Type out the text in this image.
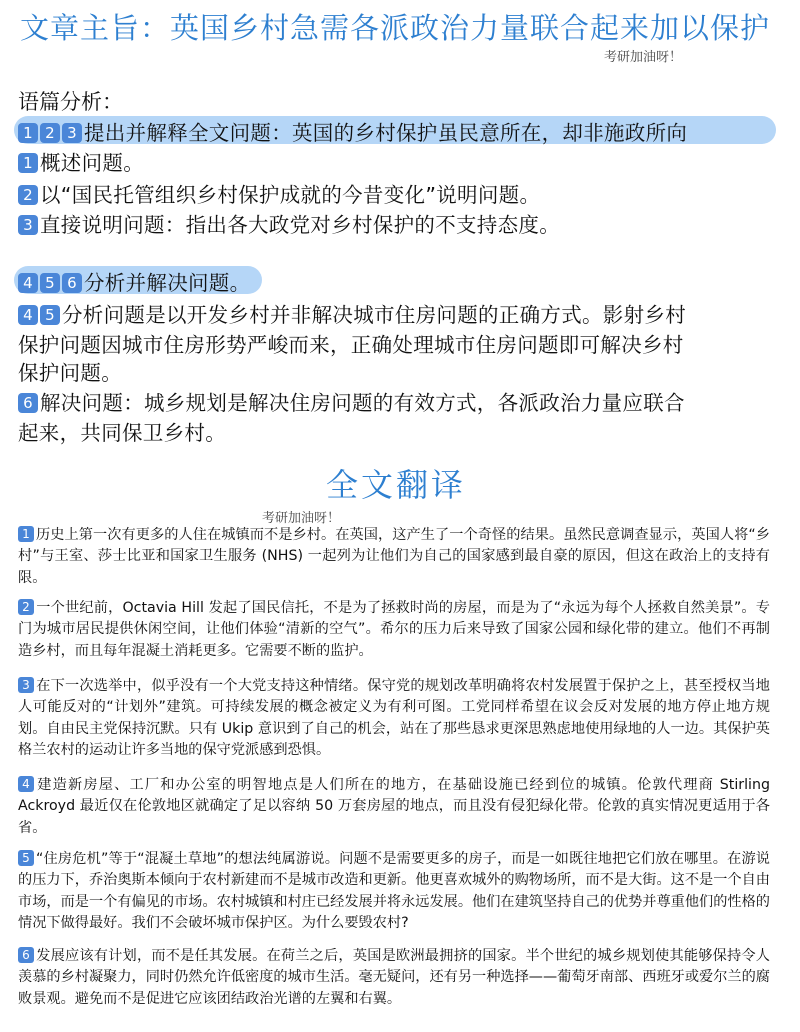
文章主旨：英国乡村急需各派政治力量联合起来加以保护
考研加油呀！
语篇分析：
1 2 3 提出并解释全文问题：英国的乡村保护虽民意所在，却非施政所向
1 概述问题。
2 以“国民托管组织乡村保护成就的今昔变化”说明问题。
3 直接说明问题：指出各大政党对乡村保护的不支持态度。
4 5 6 分析并解决问题。
4 5 分析问题是以开发乡村并非解决城市住房问题的正确方式。影射乡村
保护问题因城市住房形势严峻而来，正确处理城市住房问题即可解决乡村
保护问题。
6 解决问题：城乡规划是解决住房问题的有效方式，各派政治力量应联合
起来，共同保卫乡村。
全文翻译
考研加油呀！
1 历史上第一次有更多的人住在城镇而不是乡村。在英国，这产生了一个奇怪的结果。虽然民意调查显示，英国人将“乡村”与王室、莎士比亚和国家卫生服务 (NHS) 一起列为让他们为自己的国家感到最自豪的原因，但这在政治上的支持有限。
2 一个世纪前，Octavia Hill 发起了国民信托，不是为了拯救时尚的房屋，而是为了“永远为每个人拯救自然美景”。专门为城市居民提供休闲空间，让他们体验“清新的空气”。希尔的压力后来导致了国家公园和绿化带的建立。他们不再制造乡村，而且每年混凝土消耗更多。它需要不断的监护。
3 在下一次选举中，似乎没有一个大党支持这种情绪。保守党的规划改革明确将农村发展置于保护之上，甚至授权当地人可能反对的“计划外”建筑。可持续发展的概念被定义为有利可图。工党同样希望在议会反对发展的地方停止地方规划。自由民主党保持沉默。只有 Ukip 意识到了自己的机会，站在了那些恳求更深思熟虑地使用绿地的人一边。其保护英格兰农村的运动让许多当地的保守党派感到恐惧。
4 建造新房屋、工厂和办公室的明智地点是人们所在的地方，在基础设施已经到位的城镇。伦敦代理商 Stirling Ackroyd 最近仅在伦敦地区就确定了足以容纳 50 万套房屋的地点，而且没有侵犯绿化带。伦敦的真实情况更适用于各省。
5 “住房危机”等于“混凝土草地”的想法纯属游说。问题不是需要更多的房子，而是一如既往地把它们放在哪里。在游说的压力下，乔治奥斯本倾向于农村新建而不是城市改造和更新。他更喜欢城外的购物场所，而不是大街。这不是一个自由市场，而是一个有偏见的市场。农村城镇和村庄已经发展并将永远发展。他们在建筑坚持自己的优势并尊重他们的性格的情况下做得最好。我们不会破坏城市保护区。为什么要毁农村?
6 发展应该有计划，而不是任其发展。在荷兰之后，英国是欧洲最拥挤的国家。半个世纪的城乡规划使其能够保持令人羡慕的乡村凝聚力，同时仍然允许低密度的城市生活。毫无疑问，还有另一种选择——葡萄牙南部、西班牙或爱尔兰的腐败景观。避免而不是促进它应该团结政治光谱的左翼和右翼。
